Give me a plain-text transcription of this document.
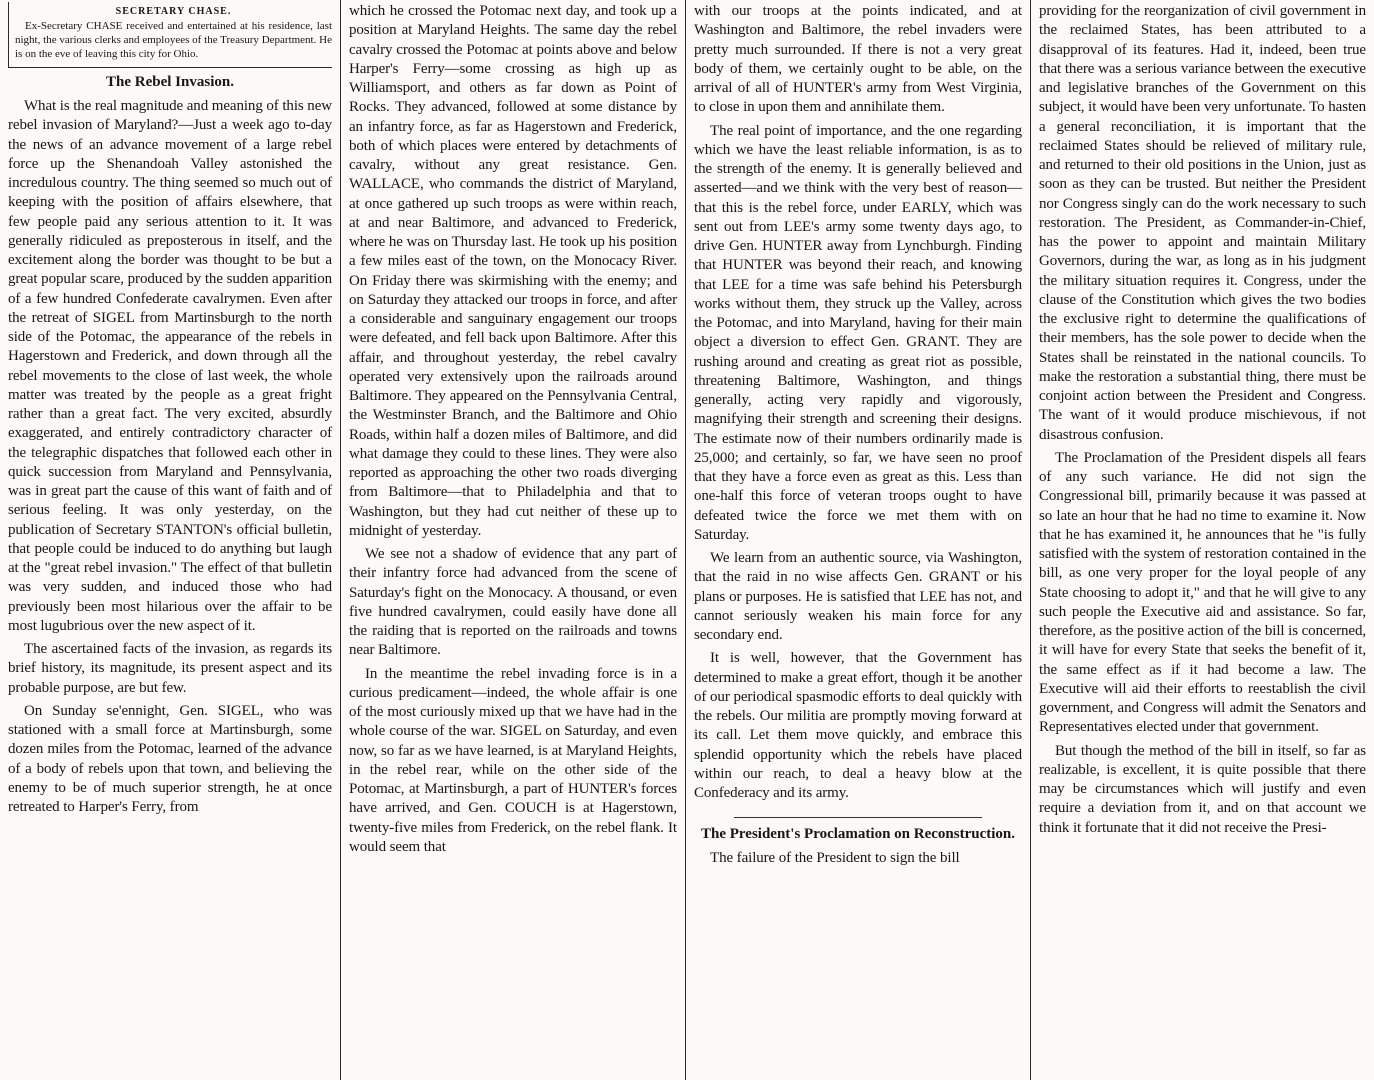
SECRETARY CHASE.
Ex-Secretary CHASE received and entertained at his residence, last night, the various clerks and employees of the Treasury Department. He is on the eve of leaving this city for Ohio.
The Rebel Invasion.

What is the real magnitude and meaning of this new rebel invasion of Maryland?—Just a week ago to-day the news of an advance movement of a large rebel force up the Shenandoah Valley astonished the incredulous country. The thing seemed so much out of keeping with the position of affairs elsewhere, that few people paid any serious attention to it. It was generally ridiculed as preposterous in itself, and the excitement along the border was thought to be but a great popular scare, produced by the sudden apparition of a few hundred Confederate cavalrymen. Even after the retreat of SIGEL from Martinsburgh to the north side of the Potomac, the appearance of the rebels in Hagerstown and Frederick, and down through all the rebel movements to the close of last week, the whole matter was treated by the people as a great fright rather than a great fact. The very excited, absurdly exaggerated, and entirely contradictory character of the telegraphic dispatches that followed each other in quick succession from Maryland and Pennsylvania, was in great part the cause of this want of faith and of serious feeling. It was only yesterday, on the publication of Secretary STANTON's official bulletin, that people could be induced to do anything but laugh at the "great rebel invasion." The effect of that bulletin was very sudden, and induced those who had previously been most hilarious over the affair to be most lugubrious over the new aspect of it.

The ascertained facts of the invasion, as regards its brief history, its magnitude, its present aspect and its probable purpose, are but few.

On Sunday se'ennight, Gen. SIGEL, who was stationed with a small force at Martinsburgh, some dozen miles from the Potomac, learned of the advance of a body of rebels upon that town, and believing the enemy to be of much superior strength, he at once retreated to Harper's Ferry, from

which he crossed the Potomac next day, and took up a position at Maryland Heights. The same day the rebel cavalry crossed the Potomac at points above and below Harper's Ferry—some crossing as high up as Williamsport, and others as far down as Point of Rocks. They advanced, followed at some distance by an infantry force, as far as Hagerstown and Frederick, both of which places were entered by detachments of cavalry, without any great resistance. Gen. WALLACE, who commands the district of Maryland, at once gathered up such troops as were within reach, at and near Baltimore, and advanced to Frederick, where he was on Thursday last. He took up his position a few miles east of the town, on the Monocacy River. On Friday there was skirmishing with the enemy; and on Saturday they attacked our troops in force, and after a considerable and sanguinary engagement our troops were defeated, and fell back upon Baltimore. After this affair, and throughout yesterday, the rebel cavalry operated very extensively upon the railroads around Baltimore. They appeared on the Pennsylvania Central, the Westminster Branch, and the Baltimore and Ohio Roads, within half a dozen miles of Baltimore, and did what damage they could to these lines. They were also reported as approaching the other two roads diverging from Baltimore—that to Philadelphia and that to Washington, but they had cut neither of these up to midnight of yesterday.

We see not a shadow of evidence that any part of their infantry force had advanced from the scene of Saturday's fight on the Monocacy. A thousand, or even five hundred cavalrymen, could easily have done all the raiding that is reported on the railroads and towns near Baltimore.

In the meantime the rebel invading force is in a curious predicament—indeed, the whole affair is one of the most curiously mixed up that we have had in the whole course of the war. SIGEL on Saturday, and even now, so far as we have learned, is at Maryland Heights, in the rebel rear, while on the other side of the Potomac, at Martinsburgh, a part of HUNTER's forces have arrived, and Gen. COUCH is at Hagerstown, twenty-five miles from Frederick, on the rebel flank. It would seem that

with our troops at the points indicated, and at Washington and Baltimore, the rebel invaders were pretty much surrounded. If there is not a very great body of them, we certainly ought to be able, on the arrival of all of HUNTER's army from West Virginia, to close in upon them and annihilate them.

The real point of importance, and the one regarding which we have the least reliable information, is as to the strength of the enemy. It is generally believed and asserted—and we think with the very best of reason—that this is the rebel force, under EARLY, which was sent out from LEE's army some twenty days ago, to drive Gen. HUNTER away from Lynchburgh. Finding that HUNTER was beyond their reach, and knowing that LEE for a time was safe behind his Petersburgh works without them, they struck up the Valley, across the Potomac, and into Maryland, having for their main object a diversion to effect Gen. GRANT. They are rushing around and creating as great riot as possible, threatening Baltimore, Washington, and things generally, acting very rapidly and vigorously, magnifying their strength and screening their designs. The estimate now of their numbers ordinarily made is 25,000; and certainly, so far, we have seen no proof that they have a force even as great as this. Less than one-half this force of veteran troops ought to have defeated twice the force we met them with on Saturday.

We learn from an authentic source, via Washington, that the raid in no wise affects Gen. GRANT or his plans or purposes. He is satisfied that LEE has not, and cannot seriously weaken his main force for any secondary end.

It is well, however, that the Government has determined to make a great effort, though it be another of our periodical spasmodic efforts to deal quickly with the rebels. Our militia are promptly moving forward at its call. Let them move quickly, and embrace this splendid opportunity which the rebels have placed within our reach, to deal a heavy blow at the Confederacy and its army.

The President's Proclamation on Reconstruction.

The failure of the President to sign the bill

providing for the reorganization of civil government in the reclaimed States, has been attributed to a disapproval of its features. Had it, indeed, been true that there was a serious variance between the executive and legislative branches of the Government on this subject, it would have been very unfortunate. To hasten a general reconciliation, it is important that the reclaimed States should be relieved of military rule, and returned to their old positions in the Union, just as soon as they can be trusted. But neither the President nor Congress singly can do the work necessary to such restoration. The President, as Commander-in-Chief, has the power to appoint and maintain Military Governors, during the war, as long as in his judgment the military situation requires it. Congress, under the clause of the Constitution which gives the two bodies the exclusive right to determine the qualifications of their members, has the sole power to decide when the States shall be reinstated in the national councils. To make the restoration a substantial thing, there must be conjoint action between the President and Congress. The want of it would produce mischievous, if not disastrous confusion.

The Proclamation of the President dispels all fears of any such variance. He did not sign the Congressional bill, primarily because it was passed at so late an hour that he had no time to examine it. Now that he has examined it, he announces that he "is fully satisfied with the system of restoration contained in the bill, as one very proper for the loyal people of any State choosing to adopt it," and that he will give to any such people the Executive aid and assistance. So far, therefore, as the positive action of the bill is concerned, it will have for every State that seeks the benefit of it, the same effect as if it had become a law. The Executive will aid their efforts to reestablish the civil government, and Congress will admit the Senators and Representatives elected under that government.

But though the method of the bill in itself, so far as realizable, is excellent, it is quite possible that there may be circumstances which will justify and even require a deviation from it, and on that account we think it fortunate that it did not receive the Presi-
